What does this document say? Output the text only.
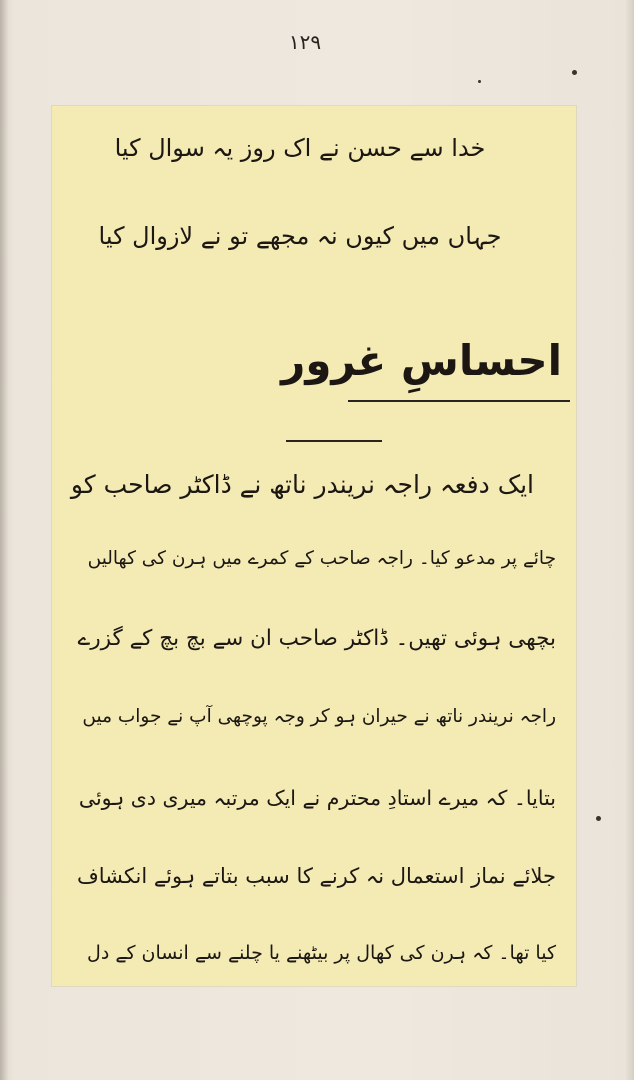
۱۲۹
خدا سے حسن نے اک روز یہ سوال کیا
جہاں میں کیوں نہ مجھے تو نے لازوال کیا
احساسِ غرور
ایک دفعہ راجہ نریندر ناتھ نے ڈاکٹر صاحب کو
چائے پر مدعو کیا۔ راجہ صاحب کے کمرے میں ہرن کی کھالیں
بچھی ہوئی تھیں۔ ڈاکٹر صاحب ان سے بچ بچ کے گزرے
راجہ نریندر ناتھ نے حیران ہو کر وجہ پوچھی آپ نے جواب میں
بتایا۔ کہ میرے استادِ محترم نے ایک مرتبہ میری دی ہوئی
جلائے نماز استعمال نہ کرنے کا سبب بتاتے ہوئے انکشاف
کیا تھا۔ کہ ہرن کی کھال پر بیٹھنے یا چلنے سے انسان کے دل
